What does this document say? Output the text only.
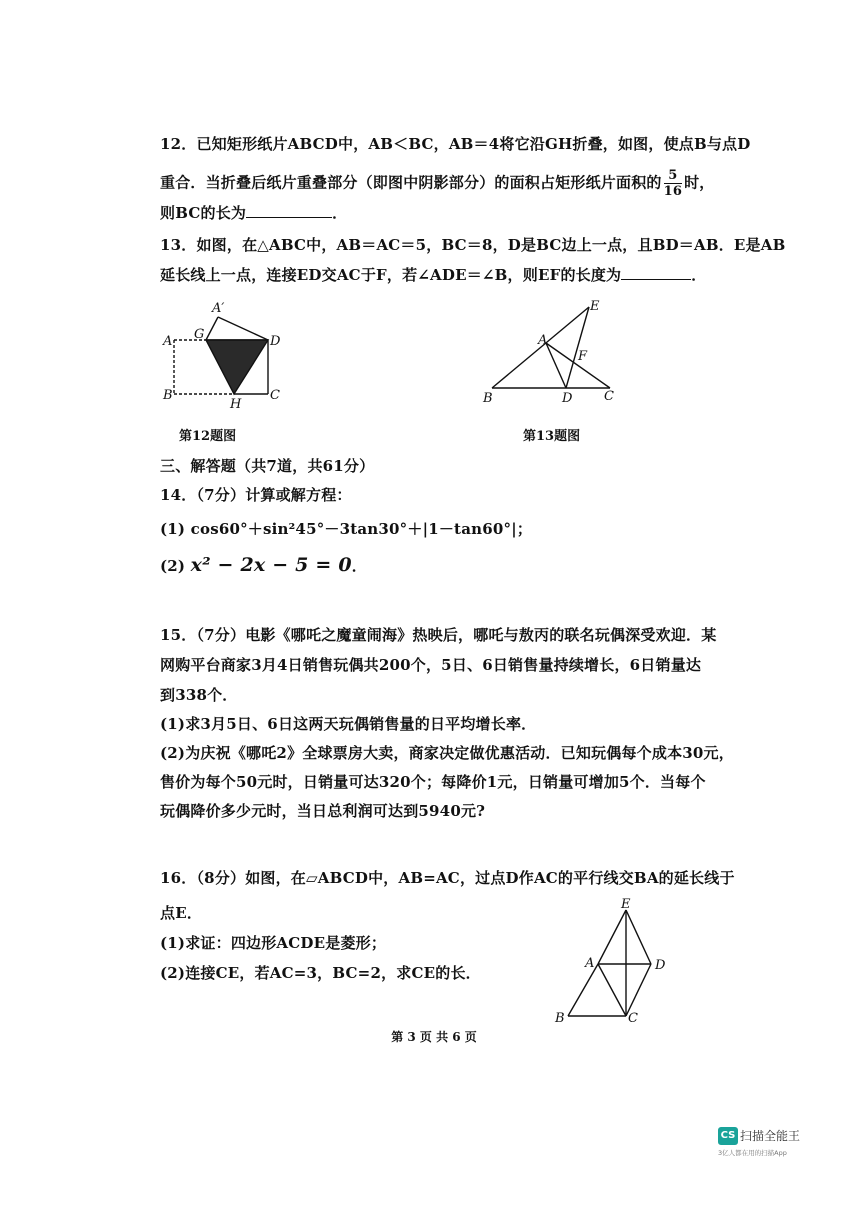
12．已知矩形纸片ABCD中，AB＜BC，AB＝4将它沿GH折叠，如图，使点B与点D
重合．当折叠后纸片重叠部分（即图中阴影部分）的面积占矩形纸片面积的 $\frac{5}{16}$ 时，
则BC的长为	．
13．如图，在△ABC中，AB＝AC＝5，BC＝8，D是BC边上一点，且BD＝AB．E是AB
延长线上一点，连接ED交AC于F，若∠ADE＝∠B，则EF的长度为	．
A′
G
A	D
B
H
C
第12题图
E
A
F
B	D C
第13题图
三、解答题（共7道，共61分）
14．（7分）计算或解方程：
(1) cos60°＋sin²45°－3tan30°＋|1－tan60°|；
(2) x² − 2x − 5 = 0．
15．（7分）电影《哪吒之魔童闹海》热映后，哪吒与敖丙的联名玩偶深受欢迎．某
网购平台商家3月4日销售玩偶共200个，5日、6日销售量持续增长，6日销量达
到338个．
(1)求3月5日、6日这两天玩偶销售量的日平均增长率．
(2)为庆祝《哪吒2》全球票房大卖，商家决定做优惠活动．已知玩偶每个成本30元，
售价为每个50元时，日销量可达320个；每降价1元，日销量可增加5个．当每个
玩偶降价多少元时，当日总利润可达到5940元?
16．（8分）如图，在▱ABCD中，AB=AC，过点D作AC的平行线交BA的延长线于
点E．
(1)求证：四边形ACDE是菱形；
(2)连接CE，若AC=3，BC=2，求CE的长．
E
A	D
B	C
第 3 页 共 6 页
CS 扫描全能王
3亿人都在用的扫描App
